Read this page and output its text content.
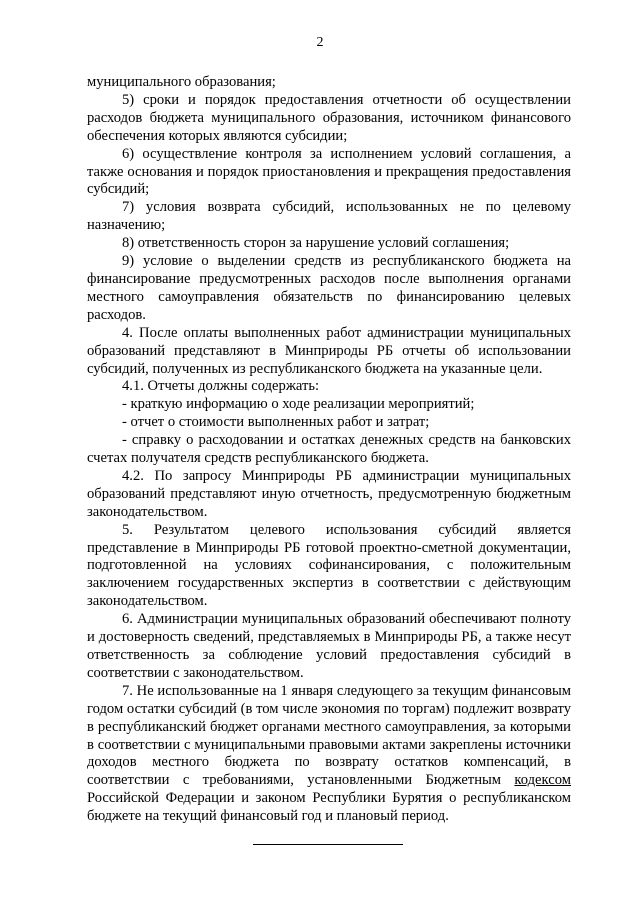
2

муниципального образования;

5) сроки и порядок предоставления отчетности об осуществлении расходов бюджета муниципального образования, источником финансового обеспечения которых являются субсидии;

6) осуществление контроля за исполнением условий соглашения, а также основания и порядок приостановления и прекращения предоставления субсидий;

7) условия возврата субсидий, использованных не по целевому назначению;

8) ответственность сторон за нарушение условий соглашения;

9) условие о выделении средств из республиканского бюджета на финансирование предусмотренных расходов после выполнения органами местного самоуправления обязательств по финансированию целевых расходов.

4. После оплаты выполненных работ администрации муниципальных образований представляют в Минприроды РБ отчеты об использовании субсидий, полученных из республиканского бюджета на указанные цели.

4.1. Отчеты должны содержать:

- краткую информацию о ходе реализации мероприятий;

- отчет о стоимости выполненных работ и затрат;

- справку о расходовании и остатках денежных средств на банковских счетах получателя средств республиканского бюджета.

4.2. По запросу Минприроды РБ администрации муниципальных образований представляют иную отчетность, предусмотренную бюджетным законодательством.

5. Результатом целевого использования субсидий является представление в Минприроды РБ готовой проектно-сметной документации, подготовленной на условиях софинансирования, с положительным заключением государственных экспертиз в соответствии с действующим законодательством.

6. Администрации муниципальных образований обеспечивают полноту и достоверность сведений, представляемых в Минприроды РБ, а также несут ответственность за соблюдение условий предоставления субсидий в соответствии с законодательством.

7. Не использованные на 1 января следующего за текущим финансовым годом остатки субсидий (в том числе экономия по торгам) подлежит возврату в республиканский бюджет органами местного самоуправления, за которыми в соответствии с муниципальными правовыми актами закреплены источники доходов местного бюджета по возврату остатков компенсаций, в соответствии с требованиями, установленными Бюджетным кодексом Российской Федерации и законом Республики Бурятия о республиканском бюджете на текущий финансовый год и плановый период.
